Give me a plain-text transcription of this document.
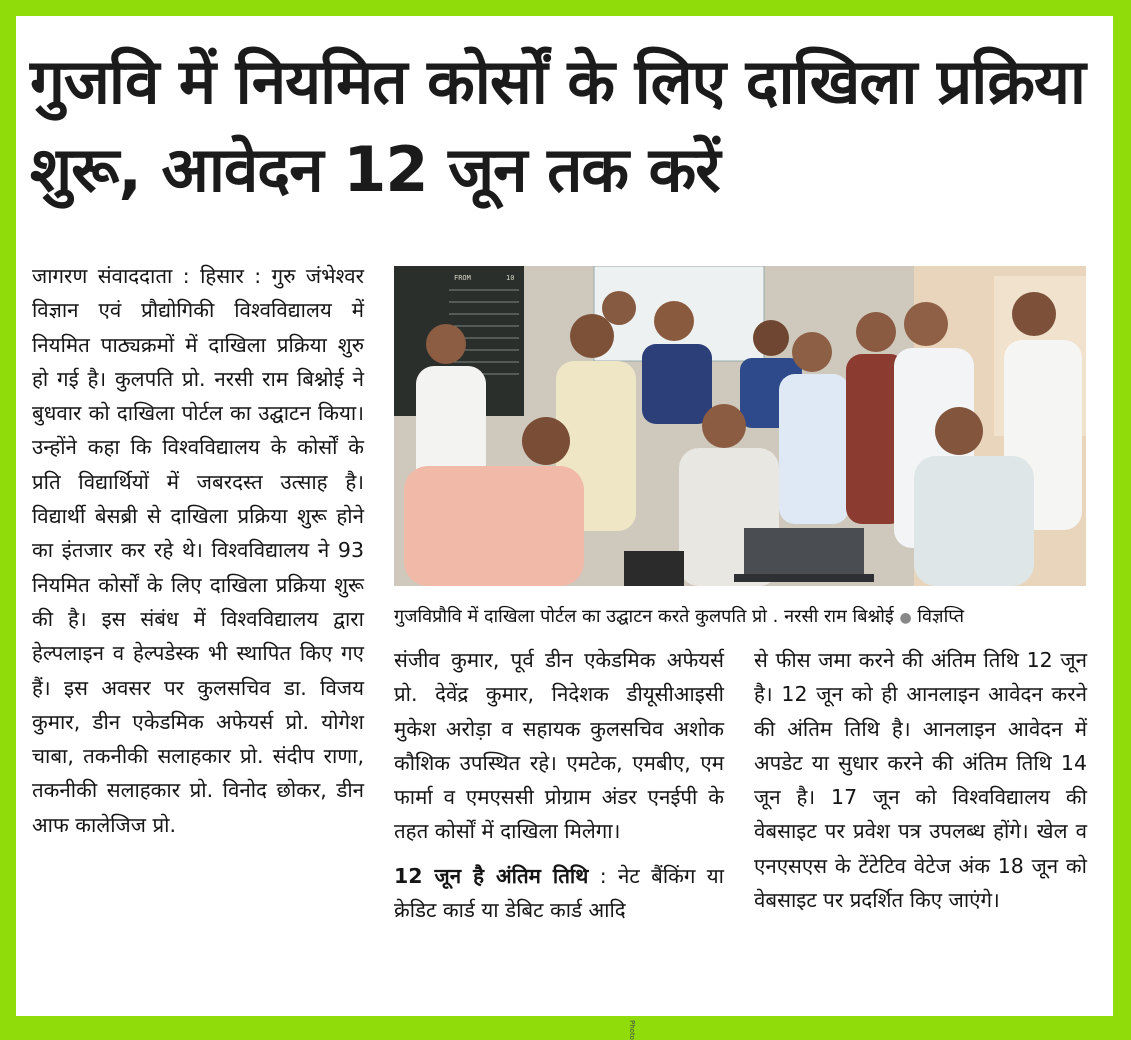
गुजवि में नियमित कोर्सों के लिए दाखिला प्रक्रिया शुरू, आवेदन 12 जून तक करें

जागरण संवाददाता : हिसार : गुरु जंभेश्वर विज्ञान एवं प्रौद्योगिकी विश्वविद्यालय में नियमित पाठ्यक्रमों में दाखिला प्रक्रिया शुरु हो गई है। कुलपति प्रो. नरसी राम बिश्नोई ने बुधवार को दाखिला पोर्टल का उद्घाटन किया। उन्होंने कहा कि विश्वविद्यालय के कोर्सों के प्रति विद्यार्थियों में जबरदस्त उत्साह है। विद्यार्थी बेसब्री से दाखिला प्रक्रिया शुरू होने का इंतजार कर रहे थे। विश्वविद्यालय ने 93 नियमित कोर्सों के लिए दाखिला प्रक्रिया शुरू की है। इस संबंध में विश्वविद्यालय द्वारा हेल्पलाइन व हेल्पडेस्क भी स्थापित किए गए हैं। इस अवसर पर कुलसचिव डा. विजय कुमार, डीन एकेडमिक अफेयर्स प्रो. योगेश चाबा, तकनीकी सलाहकार प्रो. संदीप राणा, तकनीकी सलाहकार प्रो. विनोद छोकर, डीन आफ कालेजिज प्रो.

FROM	10
गुजविप्रौवि में दाखिला पोर्टल का उद्घाटन करते कुलपति प्रो . नरसी राम बिश्नोई ● विज्ञप्ति

संजीव कुमार, पूर्व डीन एकेडमिक अफेयर्स प्रो. देवेंद्र कुमार, निदेशक डीयूसीआइसी मुकेश अरोड़ा व सहायक कुलसचिव अशोक कौशिक उपस्थित रहे। एमटेक, एमबीए, एम फार्मा व एमएससी प्रोग्राम अंडर एनईपी के तहत कोर्सों में दाखिला मिलेगा।

12 जून है अंतिम तिथि : नेट बैंकिंग या क्रेडिट कार्ड या डेबिट कार्ड आदि

से फीस जमा करने की अंतिम तिथि 12 जून है। 12 जून को ही आनलाइन आवेदन करने की अंतिम तिथि है। आनलाइन आवेदन में अपडेट या सुधार करने की अंतिम तिथि 14 जून है। 17 जून को विश्वविद्यालय की वेबसाइट पर प्रवेश पत्र उपलब्ध होंगे। खेल व एनएसएस के टेंटेटिव वेटेज अंक 18 जून को वेबसाइट पर प्रदर्शित किए जाएंगे।

Photo
